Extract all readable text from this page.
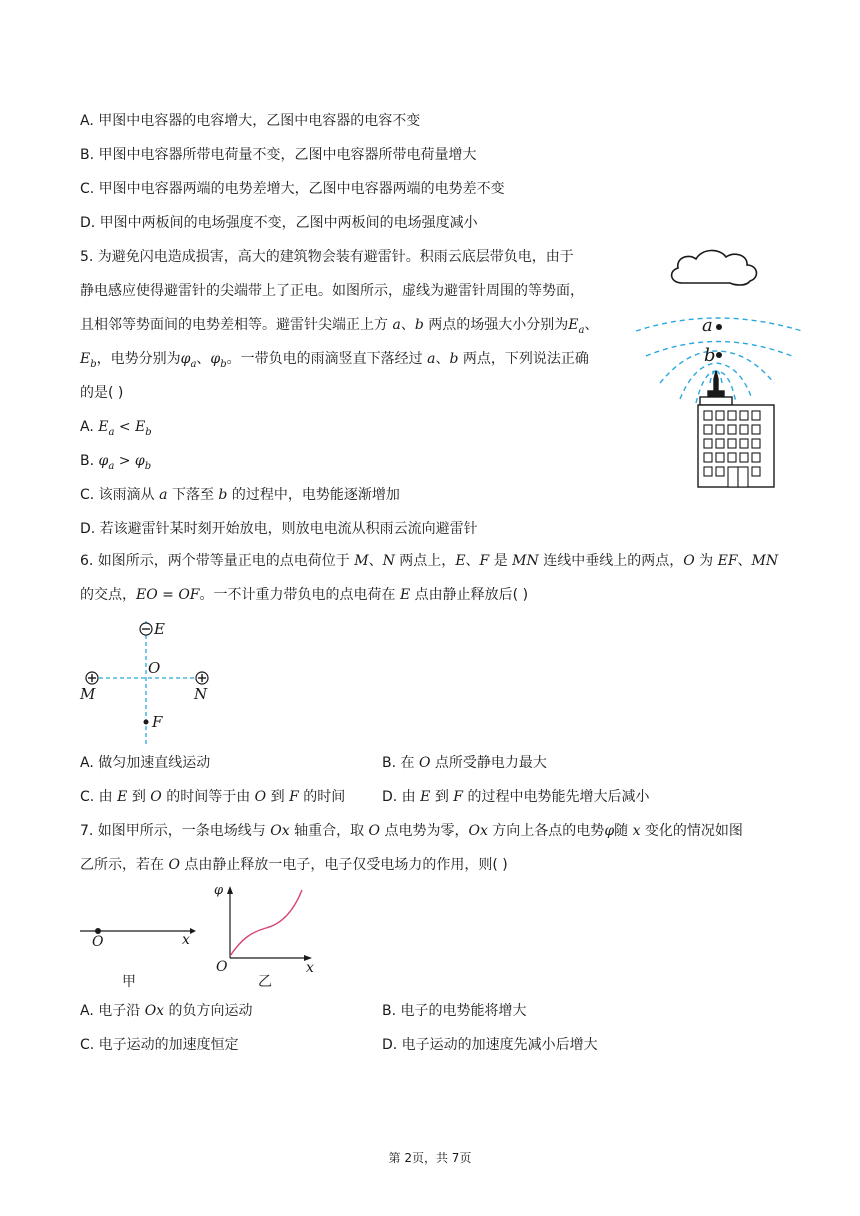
A. 甲图中电容器的电容增大，乙图中电容器的电容不变
B. 甲图中电容器所带电荷量不变，乙图中电容器所带电荷量增大
C. 甲图中电容器两端的电势差增大，乙图中电容器两端的电势差不变
D. 甲图中两板间的电场强度不变，乙图中两板间的电场强度减小
5. 为避免闪电造成损害，高大的建筑物会装有避雷针。积雨云底层带负电，由于
静电感应使得避雷针的尖端带上了正电。如图所示，虚线为避雷针周围的等势面，
且相邻等势面间的电势差相等。避雷针尖端正上方 a、b 两点的场强大小分别为$E_a$、
$E_b$，电势分别为$\varphi_a$、$\varphi_b$。一带负电的雨滴竖直下落经过 a、b 两点，下列说法正确
的是( )
A. $E_a < E_b$
B. $\varphi_a > \varphi_b$
C. 该雨滴从 a 下落至 b 的过程中，电势能逐渐增加
D. 若该避雷针某时刻开始放电，则放电电流从积雨云流向避雷针
a
b
6. 如图所示，两个带等量正电的点电荷位于 M、N 两点上，E、F 是 MN 连线中垂线上的两点，O 为 EF、MN
的交点，EO = OF。一不计重力带负电的点电荷在 E 点由静止释放后( )
E
O
M	N
F
A. 做匀加速直线运动	B. 在 O 点所受静电力最大
C. 由 E 到 O 的时间等于由 O 到 F 的时间	D. 由 E 到 F 的过程中电势能先增大后减小
7. 如图甲所示，一条电场线与 Ox 轴重合，取 O 点电势为零，Ox 方向上各点的电势φ随 x 变化的情况如图
乙所示，若在 O 点由静止释放一电子，电子仅受电场力的作用，则( )
O	x
甲
φ
O	x
乙
A. 电子沿 Ox 的负方向运动	B. 电子的电势能将增大
C. 电子运动的加速度恒定	D. 电子运动的加速度先减小后增大
第 2页，共 7页
